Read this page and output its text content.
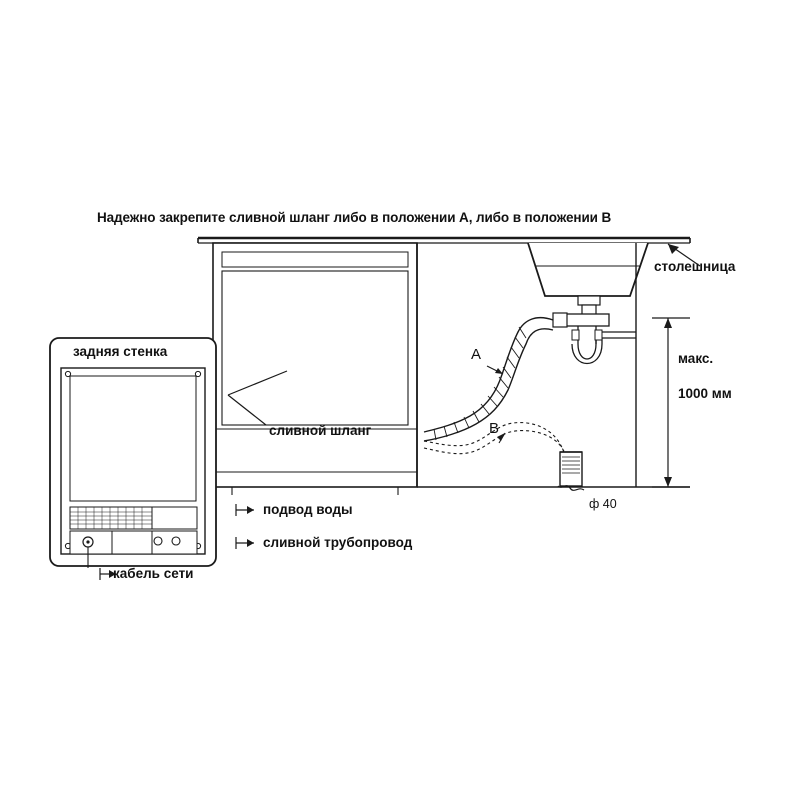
Надежно закрепите сливной шланг либо в положении A, либо в положении B
столешница
задняя стенка
сливной шланг
подвод воды
сливной трубопровод
кабель сети
макс.
1000 мм
ф 40
A
B
